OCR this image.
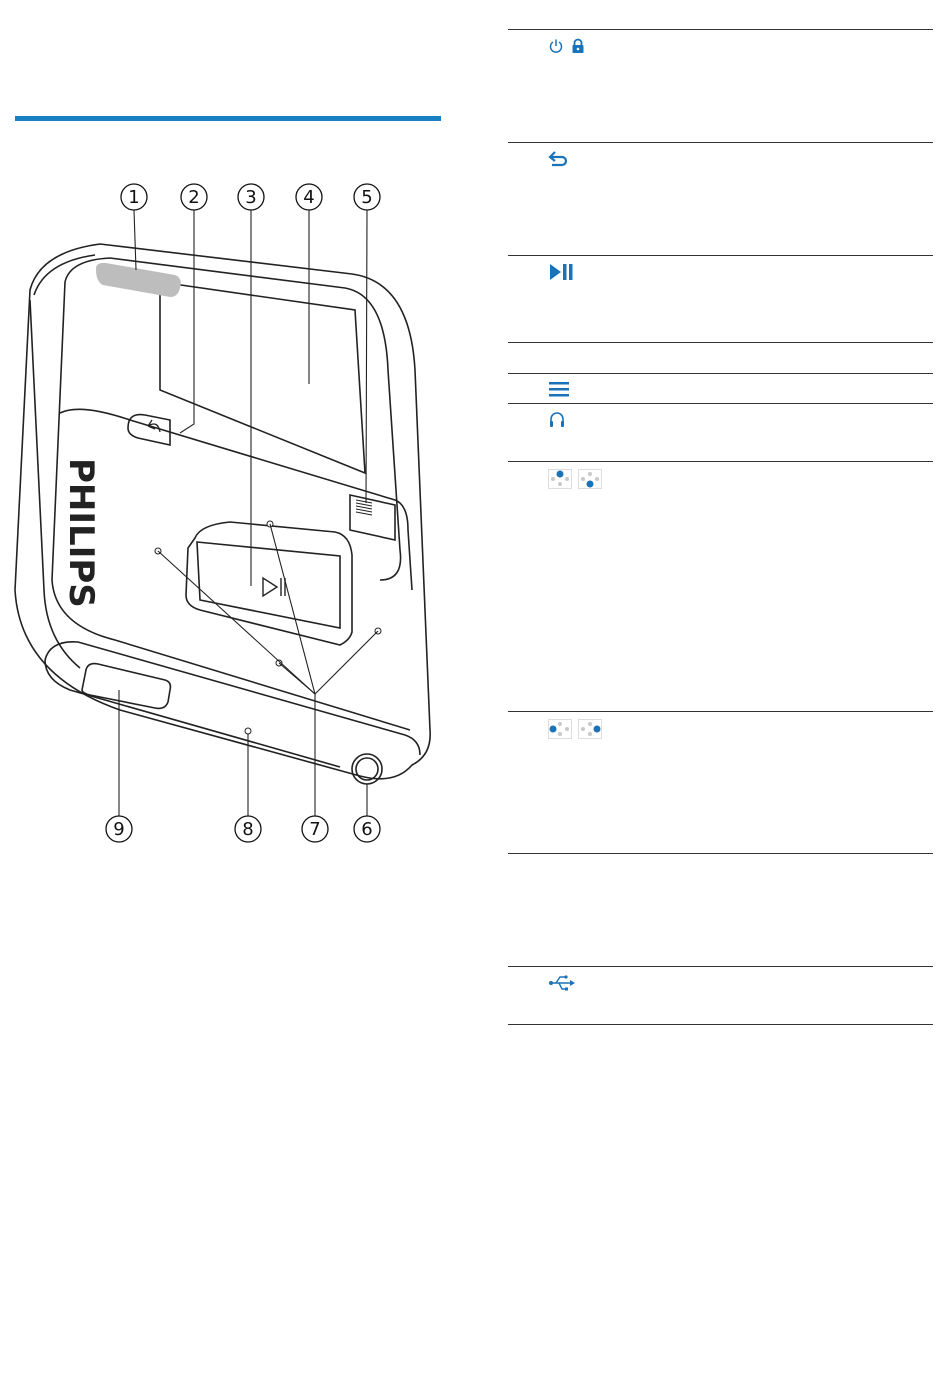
1	2	3	4	5
9	8	7 6
PHILIPS
